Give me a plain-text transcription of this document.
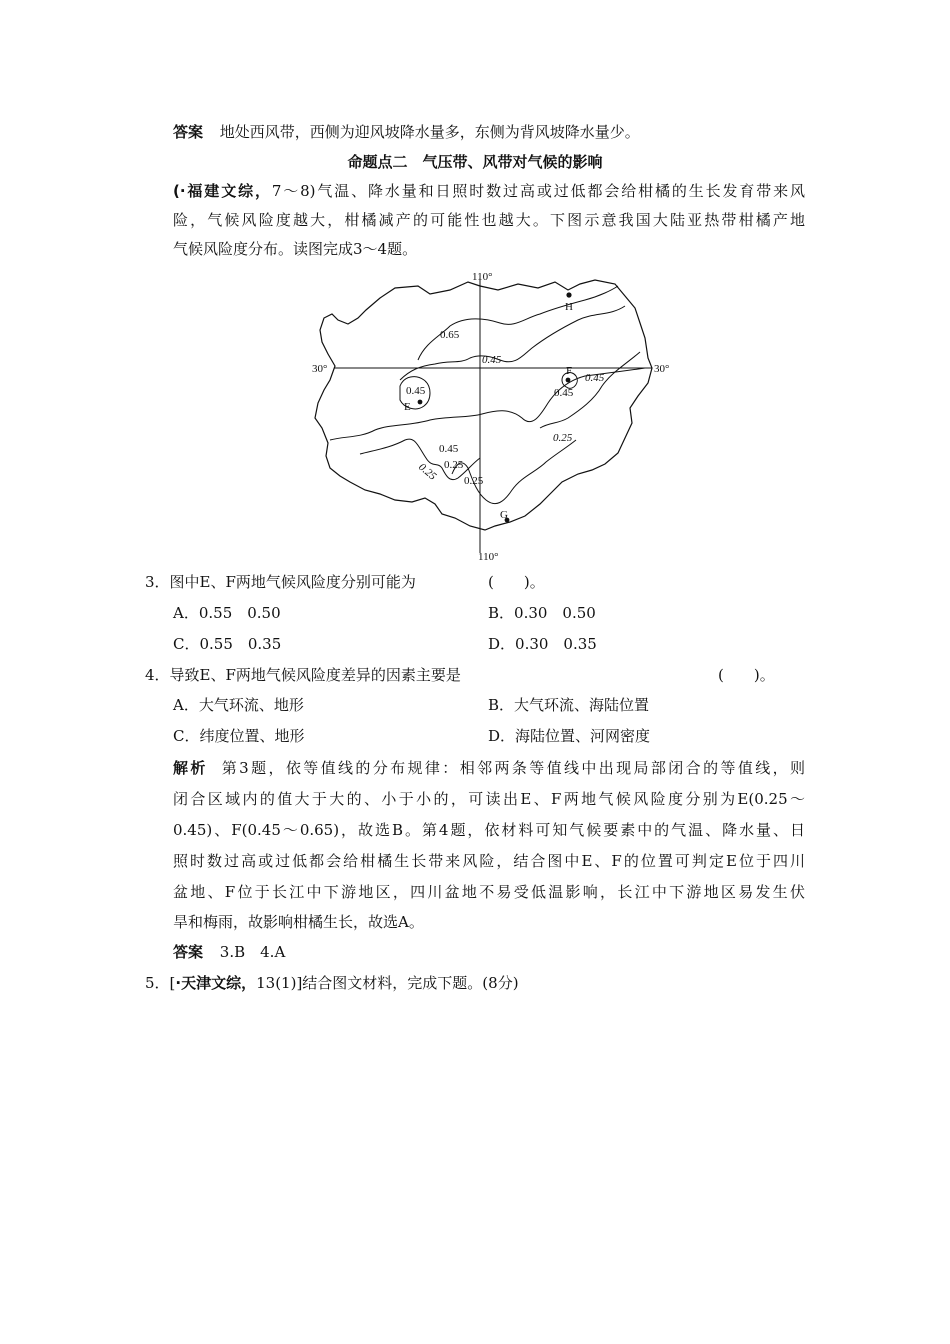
答案 地处西风带，西侧为迎风坡降水量多，东侧为背风坡降水量少。
命题点二　气压带、风带对气候的影响
(·福建文综，7～8)气温、降水量和日照时数过高或过低都会给柑橘的生长发育带来风
险，气候风险度越大，柑橘减产的可能性也越大。下图示意我国大陆亚热带柑橘产地
气候风险度分布。读图完成3～4题。
110°
110°
30°	30°
H
E
F
G
0.65
0.45
0.45	0.45
0.45
0.45
0.25
0.25
0.25
0.25
3．图中E、F两地气候风险度分别可能为	(　　)。
A．0.55　0.50	B．0.30　0.50
C．0.55　0.35	D．0.30　0.35
4．导致E、F两地气候风险度差异的因素主要是	(　　)。
A．大气环流、地形	B．大气环流、海陆位置
C．纬度位置、地形	D．海陆位置、河网密度
解析 第3题，依等值线的分布规律：相邻两条等值线中出现局部闭合的等值线，则
闭合区域内的值大于大的、小于小的，可读出E、F两地气候风险度分别为E(0.25～
0.45)、F(0.45～0.65)，故选B。第4题，依材料可知气候要素中的气温、降水量、日
照时数过高或过低都会给柑橘生长带来风险，结合图中E、F的位置可判定E位于四川
盆地、F位于长江中下游地区，四川盆地不易受低温影响，长江中下游地区易发生伏
旱和梅雨，故影响柑橘生长，故选A。
答案 3.B　4.A
5．[·天津文综，13(1)]结合图文材料，完成下题。(8分)
